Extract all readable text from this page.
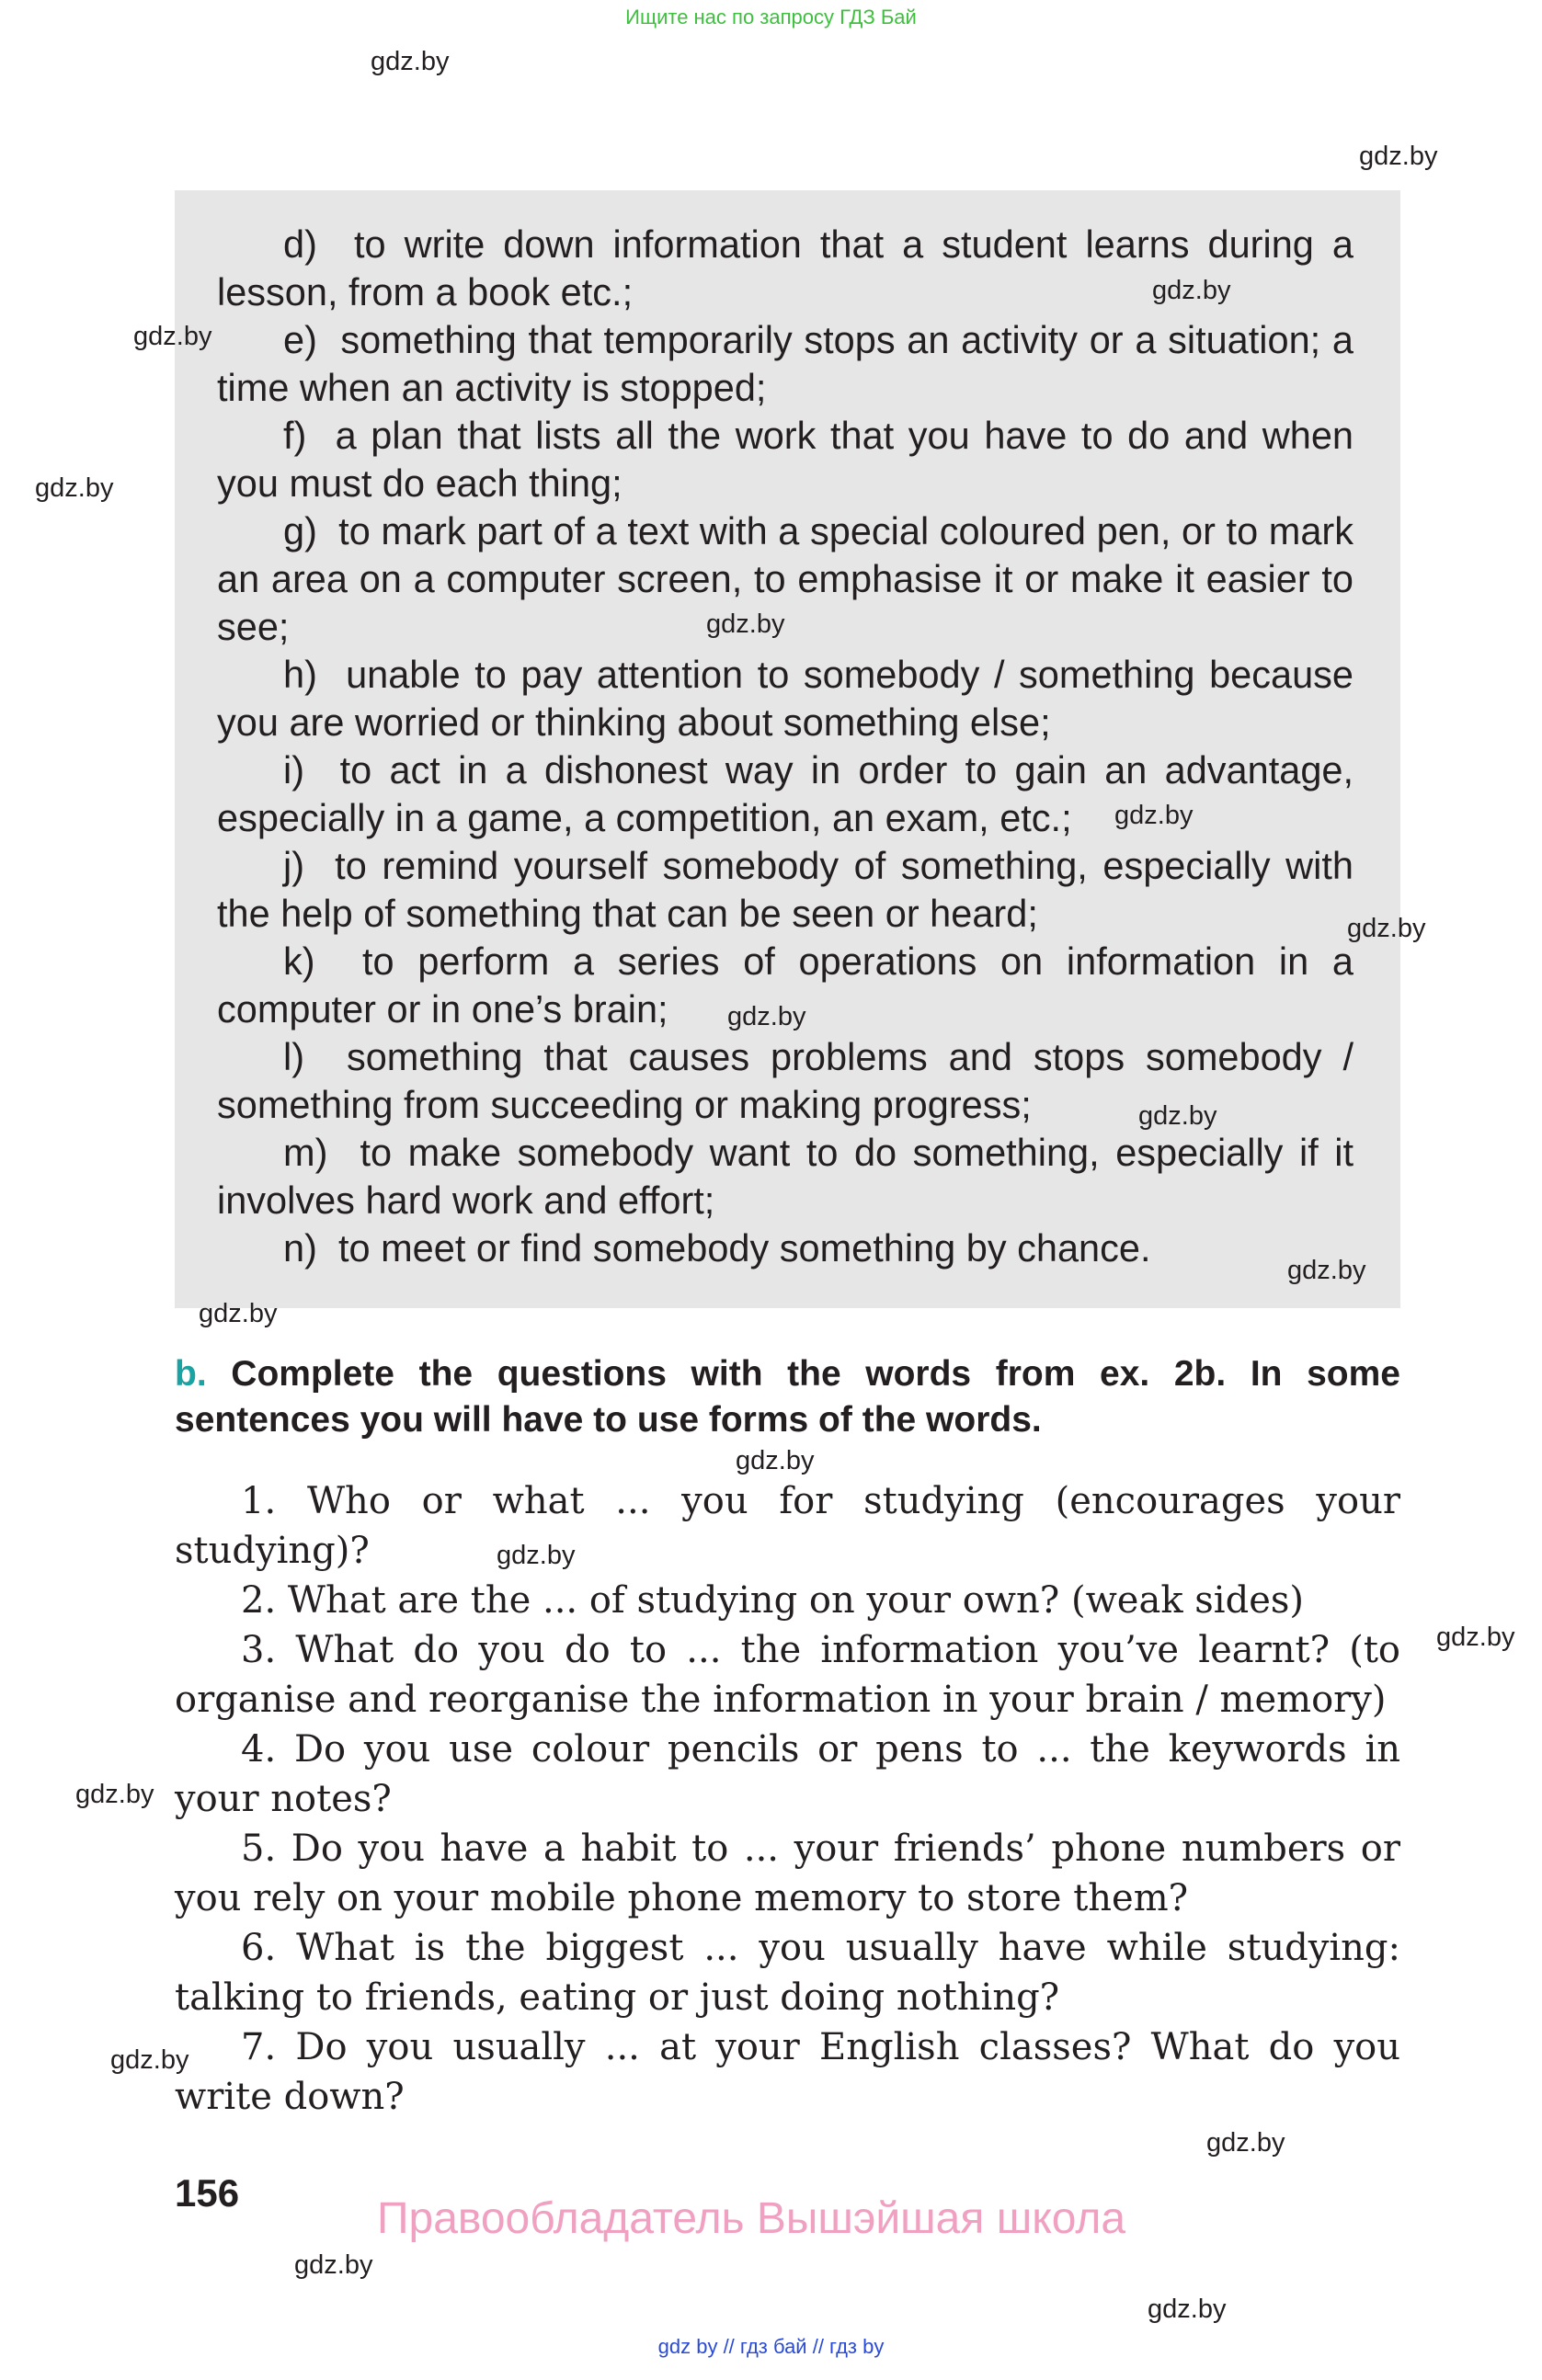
Ищите нас по запросу ГДЗ Бай

d) to write down information that a student learns during a lesson, from a book etc.;

e) something that temporarily stops an activity or a situation; a time when an activity is stopped;

f) a plan that lists all the work that you have to do and when you must do each thing;

g) to mark part of a text with a special coloured pen, or to mark an area on a computer screen, to emphasise it or make it easier to see;

h) unable to pay attention to somebody / something because you are worried or thinking about something else;

i) to act in a dishonest way in order to gain an advantage, especially in a game, a competition, an exam, etc.;

j) to remind yourself somebody of something, especially with the help of something that can be seen or heard;

k) to perform a series of operations on information in a computer or in one’s brain;

l) something that causes problems and stops somebody / something from succeeding or making progress;

m) to make somebody want to do something, especially if it involves hard work and effort;

n) to meet or find somebody something by chance.

b. Complete the questions with the words from ex. 2b. In some sentences you will have to use forms of the words.

1. Who or what ... you for studying (encourages your studying)?

2. What are the ... of studying on your own? (weak sides)

3. What do you do to ... the information you’ve learnt? (to organise and reorganise the information in your brain / memory)

4. Do you use colour pencils or pens to ... the keywords in your notes?

5. Do you have a habit to ... your friends’ phone numbers or you rely on your mobile phone memory to store them?

6. What is the biggest ... you usually have while studying: talking to friends, eating or just doing nothing?

7. Do you usually ... at your English classes? What do you write down?

156
Правообладатель Вышэйшая школа
gdz by // гдз бай // гдз by
gdz.by
gdz.by
gdz.by
gdz.by
gdz.by
gdz.by
gdz.by
gdz.by
gdz.by
gdz.by
gdz.by
gdz.by
gdz.by
gdz.by
gdz.by
gdz.by
gdz.by
gdz.by
gdz.by
gdz.by
